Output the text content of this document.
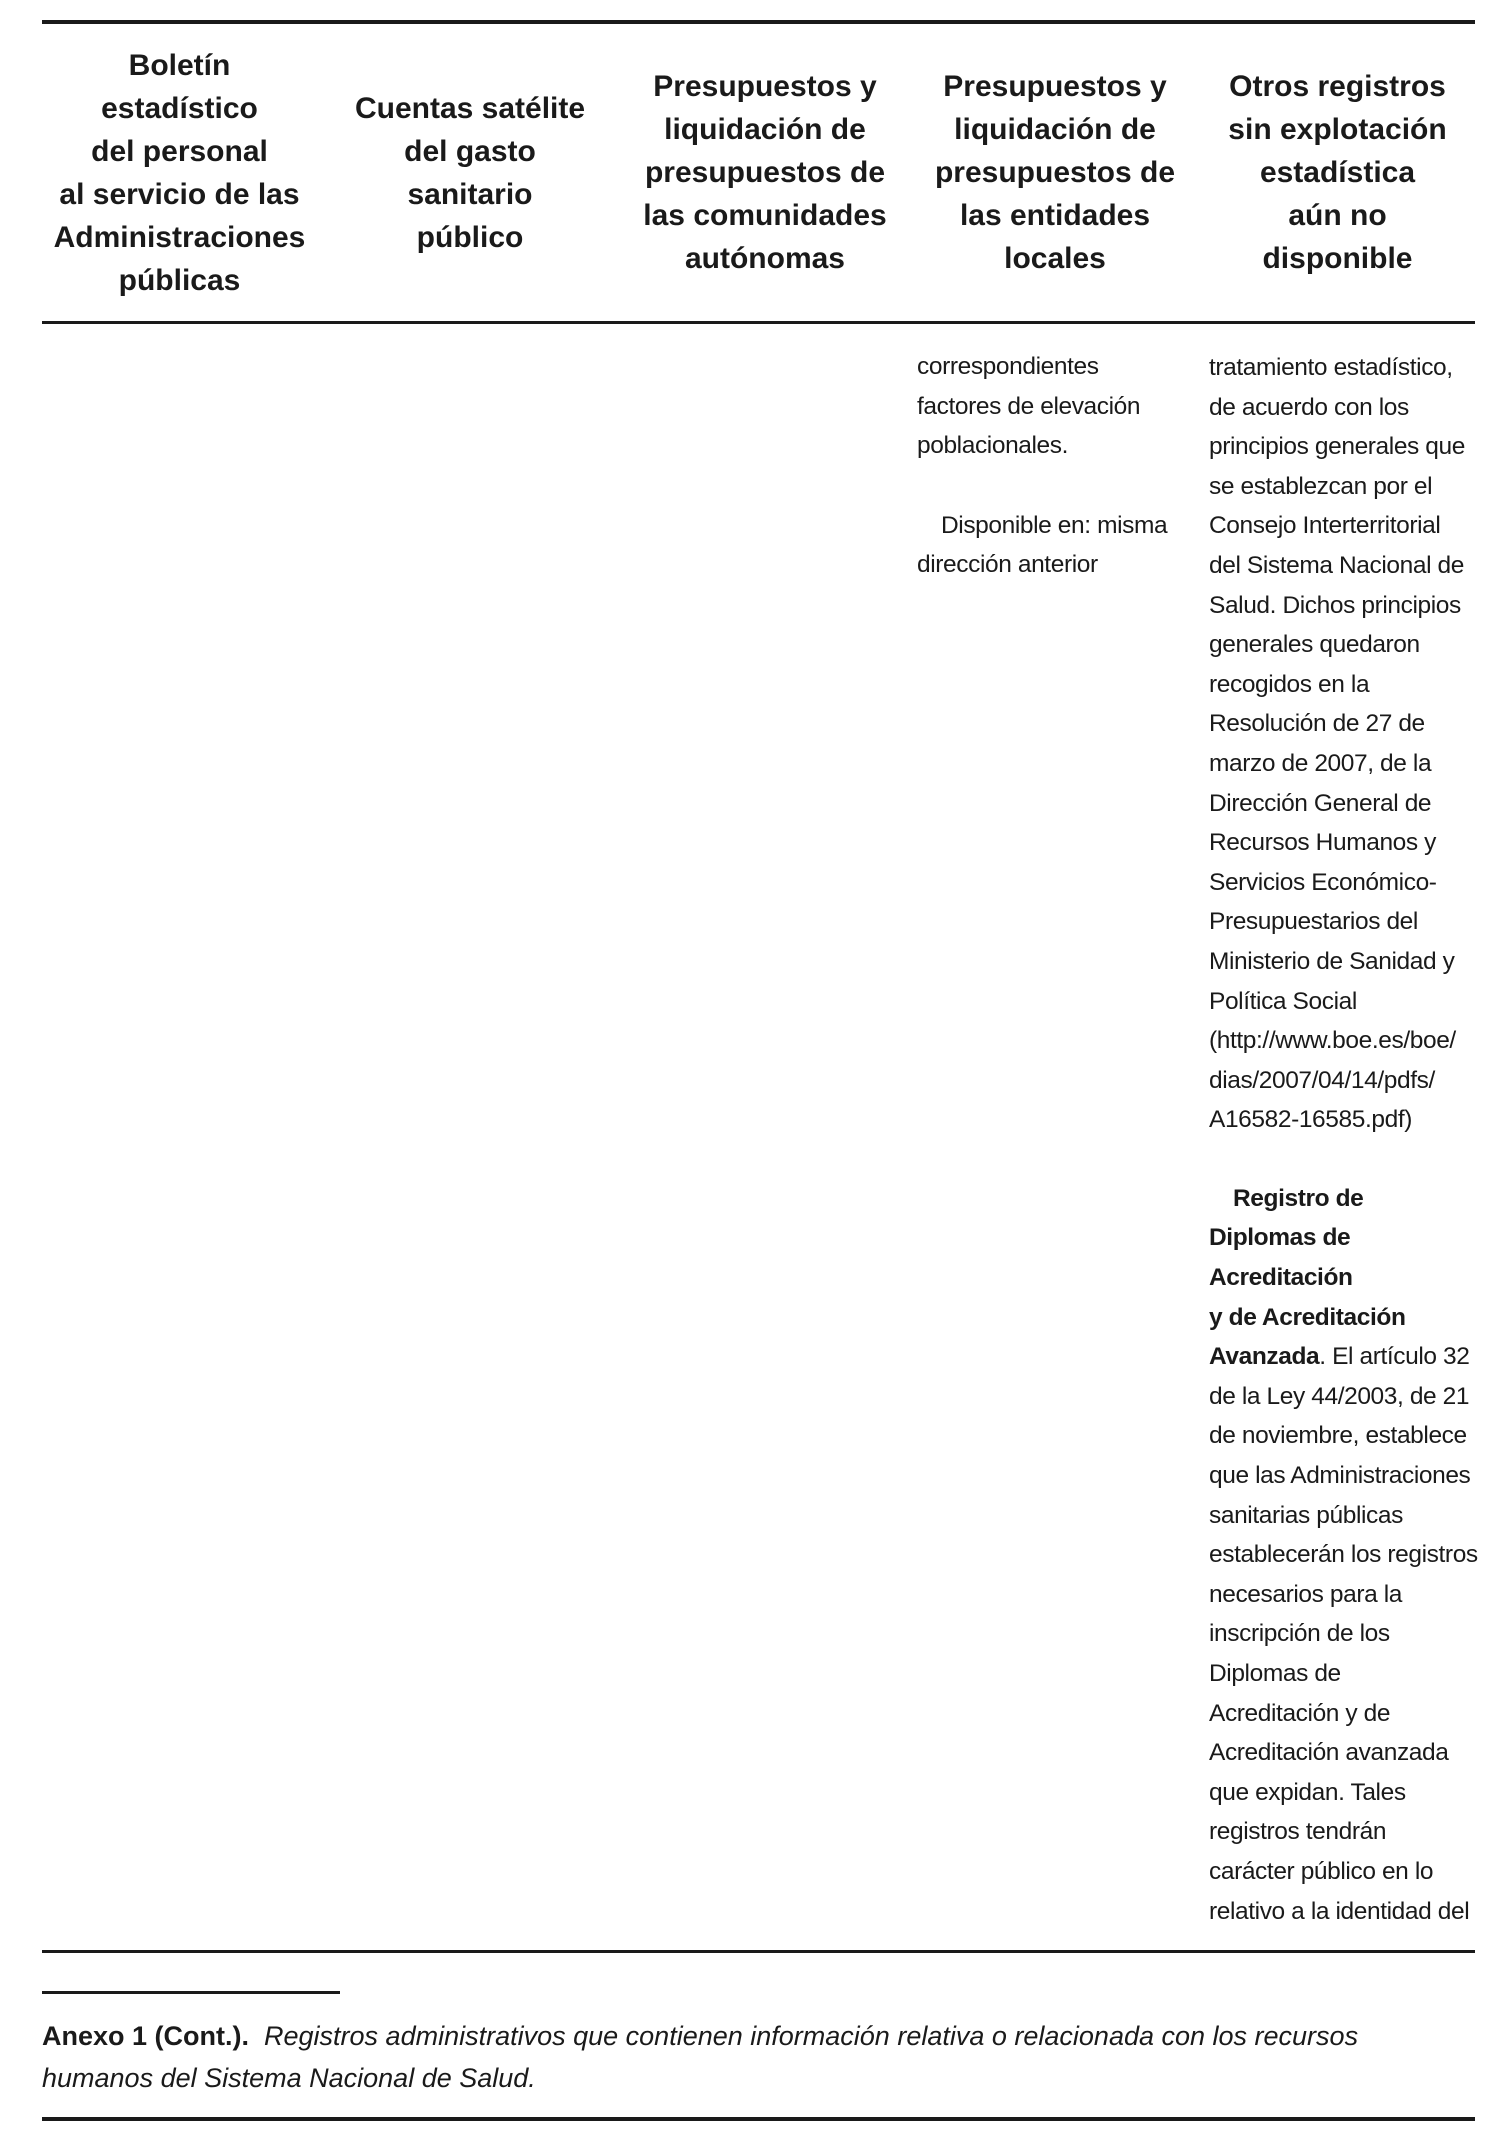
Boletín
estadístico
del personal
al servicio de las
Administraciones
públicas
Cuentas satélite
del gasto
sanitario
público
Presupuestos y
liquidación de
presupuestos de
las comunidades
autónomas
Presupuestos y
liquidación de
presupuestos de
las entidades
locales
Otros registros
sin explotación
estadística
aún no
disponible

correspondientes
factores de elevación
poblacionales.

Disponible en: misma
dirección anterior

tratamiento estadístico,
de acuerdo con los
principios generales que
se establezcan por el
Consejo Interterritorial
del Sistema Nacional de
Salud. Dichos principios
generales quedaron
recogidos en la
Resolución de 27 de
marzo de 2007, de la
Dirección General de
Recursos Humanos y
Servicios Económico-
Presupuestarios del
Ministerio de Sanidad y
Política Social
(http://www.boe.es/boe/
dias/2007/04/14/pdfs/
A16582-16585.pdf)

Registro de
Diplomas de
Acreditación
y de Acreditación
Avanzada. El artículo 32
de la Ley 44/2003, de 21
de noviembre, establece
que las Administraciones
sanitarias públicas
establecerán los registros
necesarios para la
inscripción de los
Diplomas de
Acreditación y de
Acreditación avanzada
que expidan. Tales
registros tendrán
carácter público en lo
relativo a la identidad del

Anexo 1 (Cont.). Registros administrativos que contienen información relativa o relacionada con los recursos humanos del Sistema Nacional de Salud.
